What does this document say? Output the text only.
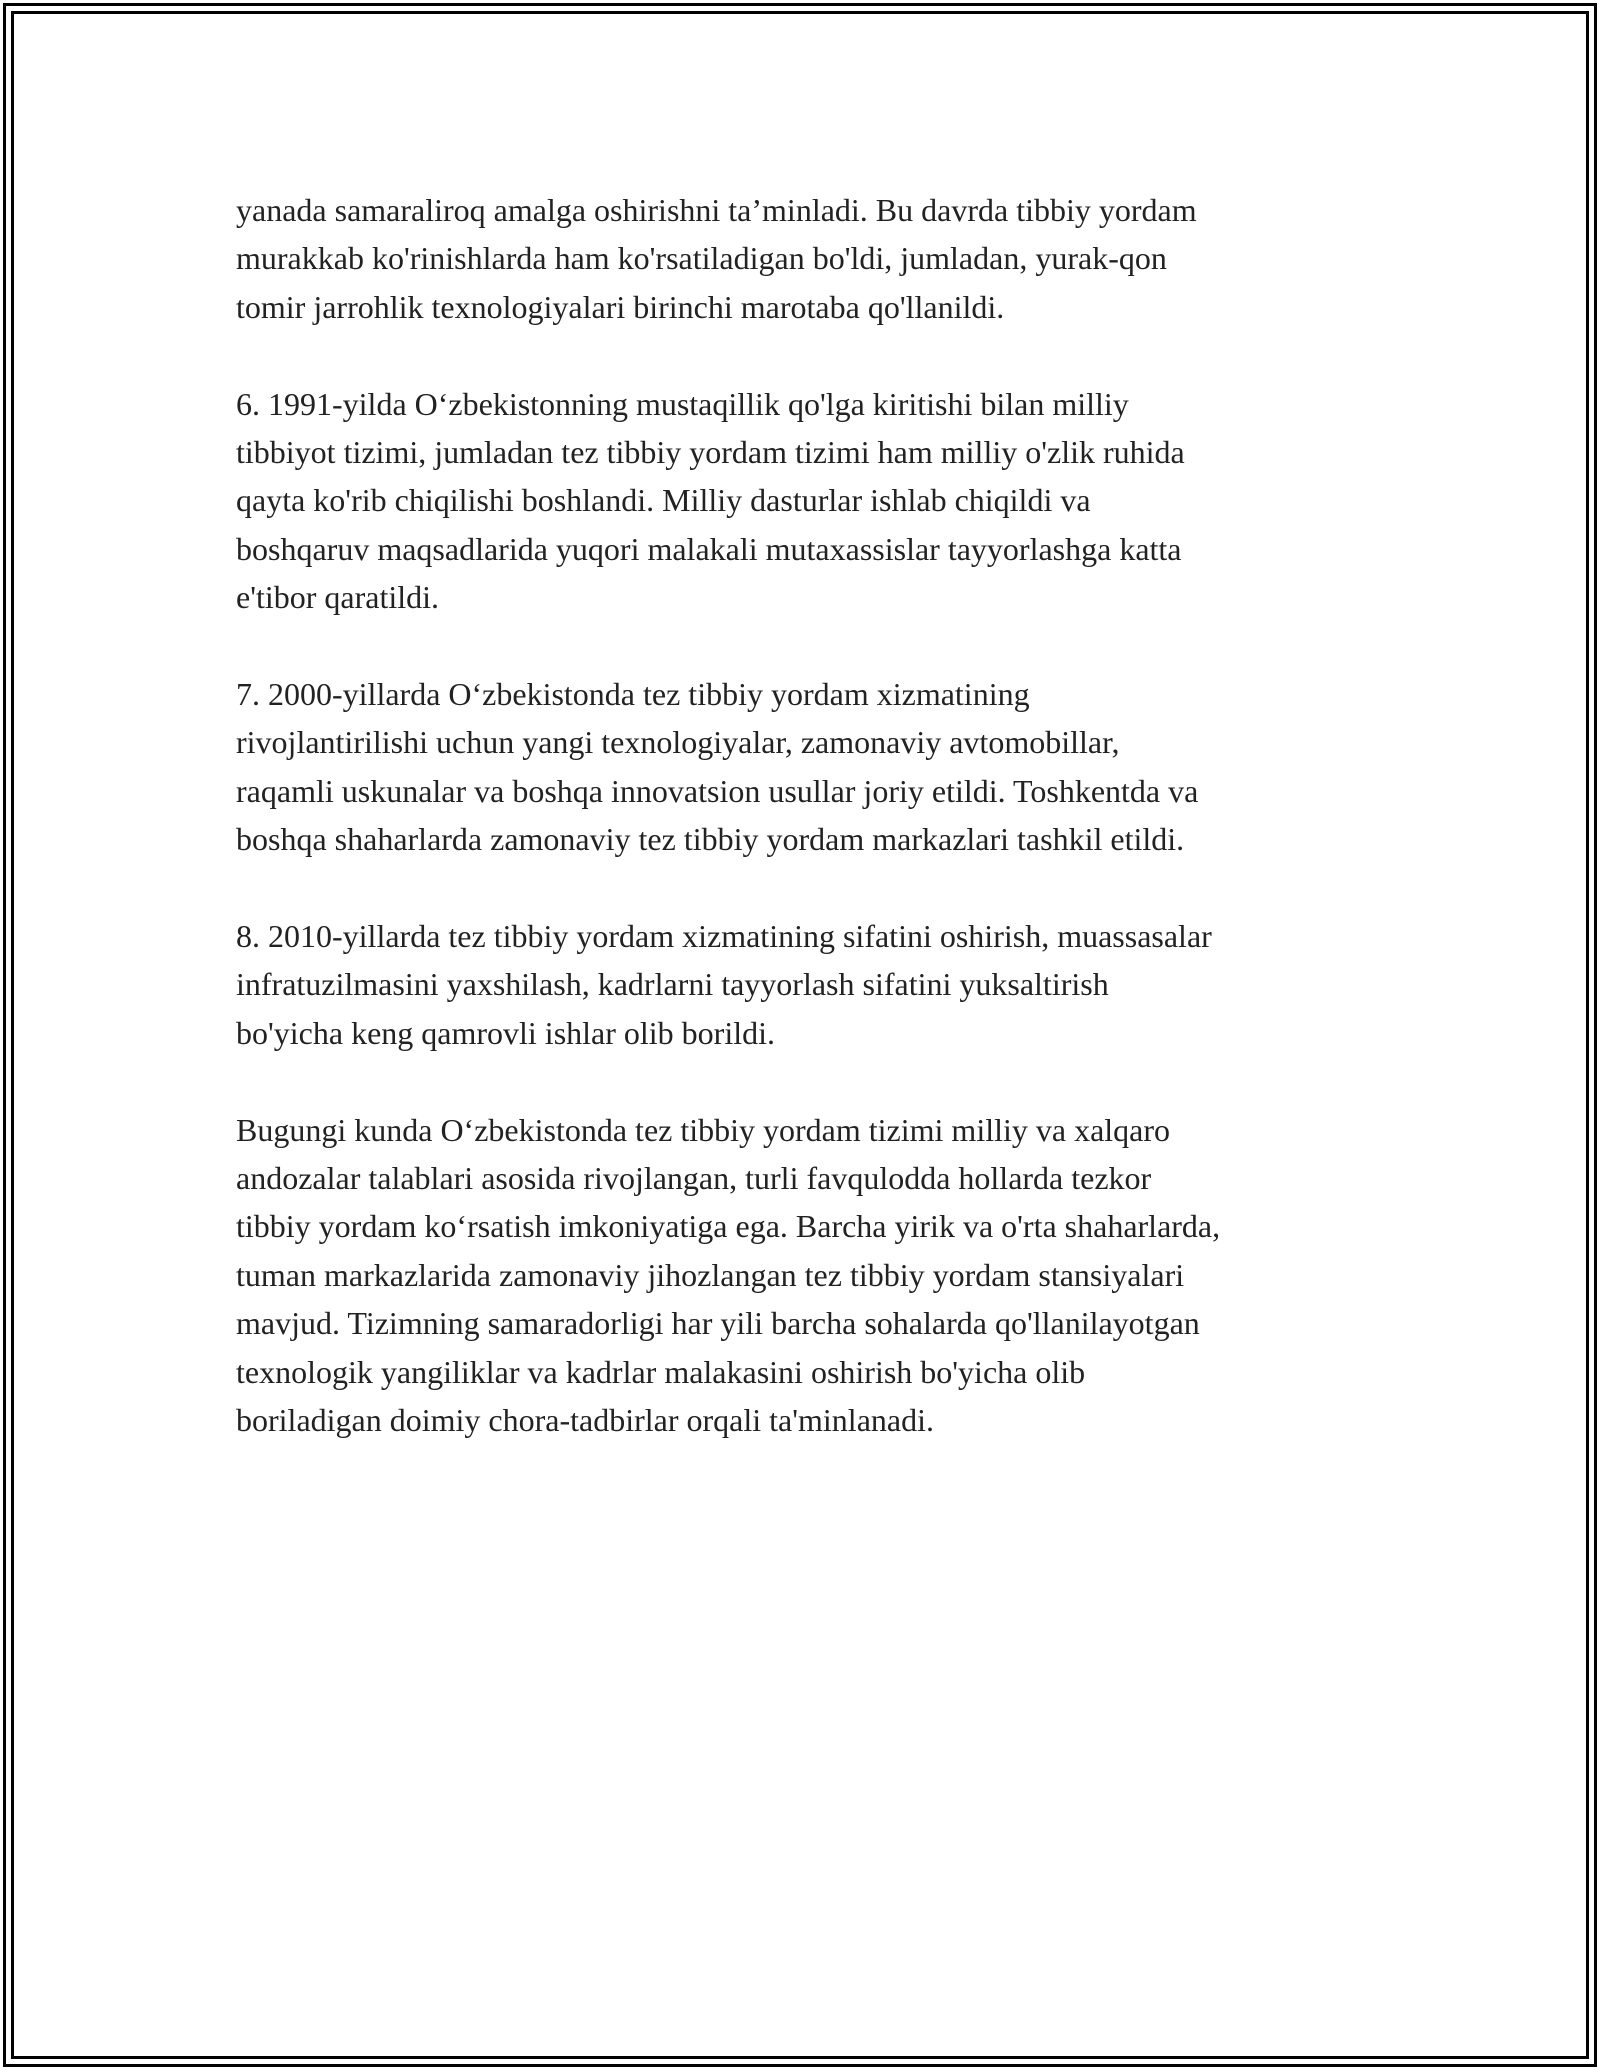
yanada samaraliroq amalga oshirishni ta’minladi. Bu davrda tibbiy yordam
murakkab ko'rinishlarda ham ko'rsatiladigan bo'ldi, jumladan, yurak-qon
tomir jarrohlik texnologiyalari birinchi marotaba qo'llanildi.

6. 1991-yilda O‘zbekistonning mustaqillik qo'lga kiritishi bilan milliy
tibbiyot tizimi, jumladan tez tibbiy yordam tizimi ham milliy o'zlik ruhida
qayta ko'rib chiqilishi boshlandi. Milliy dasturlar ishlab chiqildi va
boshqaruv maqsadlarida yuqori malakali mutaxassislar tayyorlashga katta
e'tibor qaratildi.

7. 2000-yillarda O‘zbekistonda tez tibbiy yordam xizmatining
rivojlantirilishi uchun yangi texnologiyalar, zamonaviy avtomobillar,
raqamli uskunalar va boshqa innovatsion usullar joriy etildi. Toshkentda va
boshqa shaharlarda zamonaviy tez tibbiy yordam markazlari tashkil etildi.

8. 2010-yillarda tez tibbiy yordam xizmatining sifatini oshirish, muassasalar
infratuzilmasini yaxshilash, kadrlarni tayyorlash sifatini yuksaltirish
bo'yicha keng qamrovli ishlar olib borildi.

Bugungi kunda O‘zbekistonda tez tibbiy yordam tizimi milliy va xalqaro
andozalar talablari asosida rivojlangan, turli favqulodda hollarda tezkor
tibbiy yordam ko‘rsatish imkoniyatiga ega. Barcha yirik va o'rta shaharlarda,
tuman markazlarida zamonaviy jihozlangan tez tibbiy yordam stansiyalari
mavjud. Tizimning samaradorligi har yili barcha sohalarda qo'llanilayotgan
texnologik yangiliklar va kadrlar malakasini oshirish bo'yicha olib
boriladigan doimiy chora-tadbirlar orqali ta'minlanadi.
